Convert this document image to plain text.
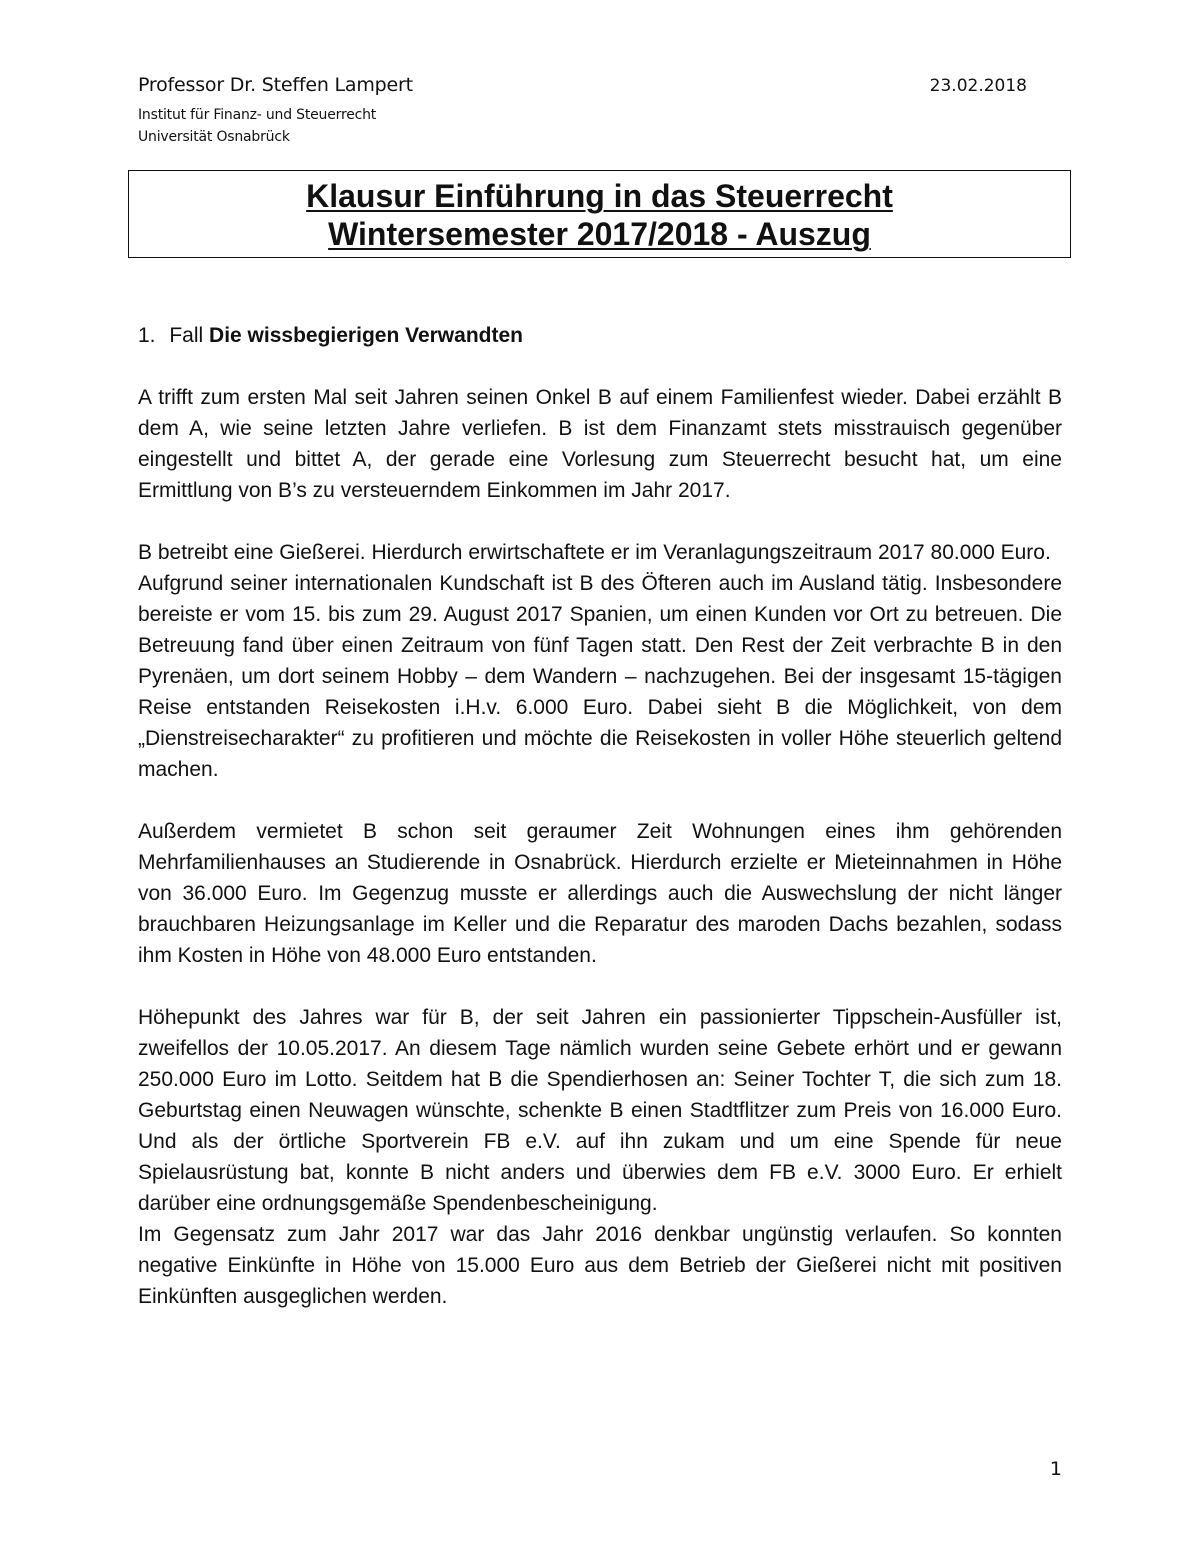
Professor Dr. Steffen Lampert	23.02.2018
Institut für Finanz- und Steuerrecht
Universität Osnabrück
Klausur Einführung in das Steuerrecht
Wintersemester 2017/2018 - Auszug
1. Fall Die wissbegierigen Verwandten

A trifft zum ersten Mal seit Jahren seinen Onkel B auf einem Familienfest wieder. Dabei erzählt B dem A, wie seine letzten Jahre verliefen. B ist dem Finanzamt stets misstrauisch gegenüber eingestellt und bittet A, der gerade eine Vorlesung zum Steuerrecht besucht hat, um eine Ermittlung von B’s zu versteuerndem Einkommen im Jahr 2017.

B betreibt eine Gießerei. Hierdurch erwirtschaftete er im Veranlagungszeitraum 2017 80.000 Euro.

Aufgrund seiner internationalen Kundschaft ist B des Öfteren auch im Ausland tätig. Insbesondere bereiste er vom 15. bis zum 29. August 2017 Spanien, um einen Kunden vor Ort zu betreuen. Die Betreuung fand über einen Zeitraum von fünf Tagen statt. Den Rest der Zeit verbrachte B in den Pyrenäen, um dort seinem Hobby – dem Wandern – nachzugehen. Bei der insgesamt 15-tägigen Reise entstanden Reisekosten i.H.v. 6.000 Euro. Dabei sieht B die Möglichkeit, von dem „Dienstreisecharakter“ zu profitieren und möchte die Reisekosten in voller Höhe steuerlich geltend machen.

Außerdem vermietet B schon seit geraumer Zeit Wohnungen eines ihm gehörenden Mehrfamilienhauses an Studierende in Osnabrück. Hierdurch erzielte er Mieteinnahmen in Höhe von 36.000 Euro. Im Gegenzug musste er allerdings auch die Auswechslung der nicht länger brauchbaren Heizungsanlage im Keller und die Reparatur des maroden Dachs bezahlen, sodass ihm Kosten in Höhe von 48.000 Euro entstanden.

Höhepunkt des Jahres war für B, der seit Jahren ein passionierter Tippschein-Ausfüller ist, zweifellos der 10.05.2017. An diesem Tage nämlich wurden seine Gebete erhört und er gewann 250.000 Euro im Lotto. Seitdem hat B die Spendierhosen an: Seiner Tochter T, die sich zum 18. Geburtstag einen Neuwagen wünschte, schenkte B einen Stadtflitzer zum Preis von 16.000 Euro. Und als der örtliche Sportverein FB e.V. auf ihn zukam und um eine Spende für neue Spielausrüstung bat, konnte B nicht anders und überwies dem FB e.V. 3000 Euro. Er erhielt darüber eine ordnungsgemäße Spendenbescheinigung.

Im Gegensatz zum Jahr 2017 war das Jahr 2016 denkbar ungünstig verlaufen. So konnten negative Einkünfte in Höhe von 15.000 Euro aus dem Betrieb der Gießerei nicht mit positiven Einkünften ausgeglichen werden.

1
